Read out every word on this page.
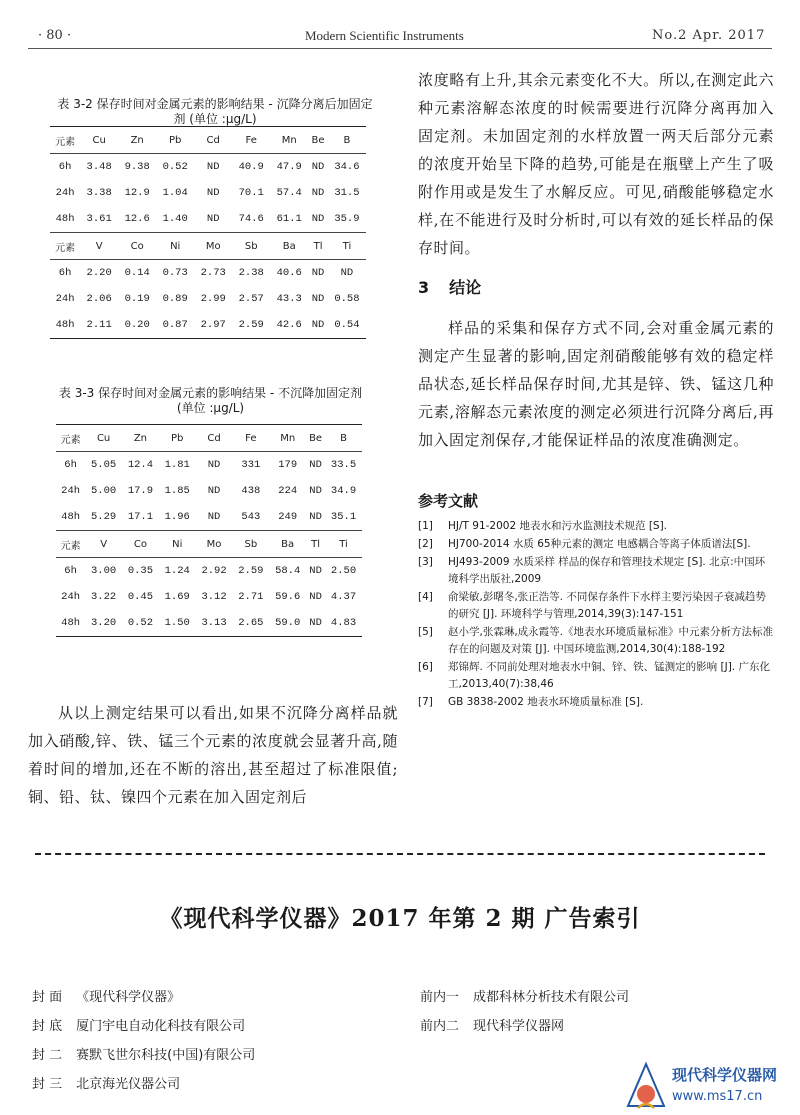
· 80 ·	Modern Scientific Instruments	No.2 Apr. 2017
表 3-2 保存时间对金属元素的影响结果 - 沉降分离后加固定
剂 (单位 :μg/L)
元素	Cu	Zn	Pb	Cd	Fe	Mn	Be	B
6h	3.48	9.38	0.52	ND	40.9	47.9	ND	34.6
24h	3.38	12.9	1.04	ND	70.1	57.4	ND	31.5
48h	3.61	12.6	1.40	ND	74.6	61.1	ND	35.9
元素	V	Co	Ni	Mo	Sb	Ba	Tl	Ti
6h	2.20	0.14	0.73	2.73	2.38	40.6	ND	ND
24h	2.06	0.19	0.89	2.99	2.57	43.3	ND	0.58
48h	2.11	0.20	0.87	2.97	2.59	42.6	ND	0.54
表 3-3 保存时间对金属元素的影响结果 - 不沉降加固定剂
(单位 :μg/L)
元素	Cu	Zn	Pb	Cd	Fe	Mn	Be	B
6h	5.05	12.4	1.81	ND	331	179	ND	33.5
24h	5.00	17.9	1.85	ND	438	224	ND	34.9
48h	5.29	17.1	1.96	ND	543	249	ND	35.1
元素	V	Co	Ni	Mo	Sb	Ba	Tl	Ti
6h	3.00	0.35	1.24	2.92	2.59	58.4	ND	2.50
24h	3.22	0.45	1.69	3.12	2.71	59.6	ND	4.37
48h	3.20	0.52	1.50	3.13	2.65	59.0	ND	4.83
从以上测定结果可以看出,如果不沉降分离样品就加入硝酸,锌、铁、锰三个元素的浓度就会显著升高,随着时间的增加,还在不断的溶出,甚至超过了标准限值;铜、铅、钛、镍四个元素在加入固定剂后
浓度略有上升,其余元素变化不大。所以,在测定此六种元素溶解态浓度的时候需要进行沉降分离再加入固定剂。未加固定剂的水样放置一两天后部分元素的浓度开始呈下降的趋势,可能是在瓶壁上产生了吸附作用或是发生了水解反应。可见,硝酸能够稳定水样,在不能进行及时分析时,可以有效的延长样品的保存时间。
3 结论
样品的采集和保存方式不同,会对重金属元素的测定产生显著的影响,固定剂硝酸能够有效的稳定样品状态,延长样品保存时间,尤其是锌、铁、锰这几种元素,溶解态元素浓度的测定必须进行沉降分离后,再加入固定剂保存,才能保证样品的浓度准确测定。
参考文献
[1]	HJ/T 91-2002 地表水和污水监测技术规范 [S].
[2]	HJ700-2014 水质 65种元素的测定 电感耦合等离子体质谱法[S].
[3]	HJ493-2009 水质采样 样品的保存和管理技术规定 [S]. 北京:中国环境科学出版社,2009
[4]	俞梁敏,彭曙冬,张正浩等. 不同保存条件下水样主要污染因子衰减趋势的研究 [J]. 环境科学与管理,2014,39(3):147-151
[5]	赵小学,张霖琳,成永霞等.《地表水环境质量标准》中元素分析方法标准存在的问题及对策 [J]. 中国环境监测,2014,30(4):188-192
[6]	郑锦辉. 不同前处理对地表水中铜、锌、铁、锰测定的影响 [J]. 广东化工,2013,40(7):38,46
[7]	GB 3838-2002 地表水环境质量标准 [S].
《现代科学仪器》2017 年第 2 期 广告索引
封 面 《现代科学仪器》
封 底 厦门宇电自动化科技有限公司
封 二 赛默飞世尔科技(中国)有限公司
封 三 北京海光仪器公司
前内一 成都科林分析技术有限公司
前内二 现代科学仪器网
现代科学仪器网
www.ms17.cn
